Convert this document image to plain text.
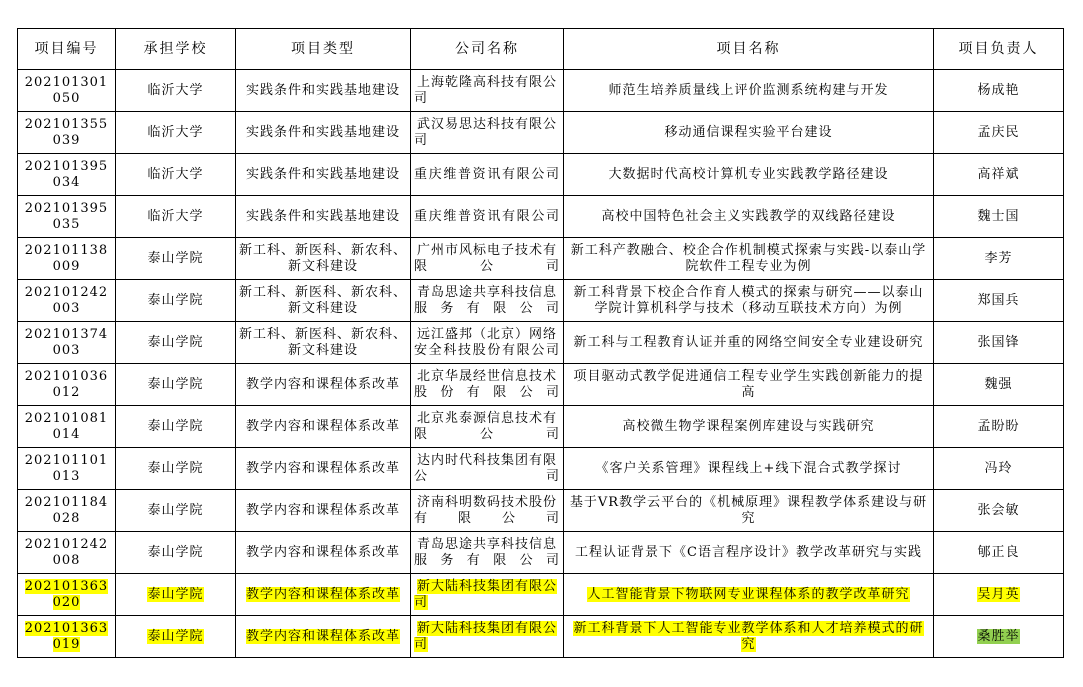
项目编号	承担学校	项目类型	公司名称	项目名称	项目负责人
202101301050	临沂大学	实践条件和实践基地建设	上海乾隆高科技有限公司	师范生培养质量线上评价监测系统构建与开发	杨成艳
202101355039	临沂大学	实践条件和实践基地建设	武汉易思达科技有限公司	移动通信课程实验平台建设	孟庆民
202101395034	临沂大学	实践条件和实践基地建设	重庆维普资讯有限公司	大数据时代高校计算机专业实践教学路径建设	高祥斌
202101395035	临沂大学	实践条件和实践基地建设	重庆维普资讯有限公司	高校中国特色社会主义实践教学的双线路径建设	魏士国
202101138009	泰山学院	新工科、新医科、新农科、新文科建设	广州市风标电子技术有限公司	新工科产教融合、校企合作机制模式探索与实践-以泰山学院软件工程专业为例	李芳
202101242003	泰山学院	新工科、新医科、新农科、新文科建设	青岛思途共享科技信息服务有限公司	新工科背景下校企合作育人模式的探索与研究——以泰山学院计算机科学与技术（移动互联技术方向）为例	郑国兵
202101374003	泰山学院	新工科、新医科、新农科、新文科建设	远江盛邦（北京）网络安全科技股份有限公司	新工科与工程教育认证并重的网络空间安全专业建设研究	张国锋
202101036012	泰山学院	教学内容和课程体系改革	北京华晟经世信息技术股份有限公司	项目驱动式教学促进通信工程专业学生实践创新能力的提高	魏强
202101081014	泰山学院	教学内容和课程体系改革	北京兆泰源信息技术有限公司	高校微生物学课程案例库建设与实践研究	孟盼盼
202101101013	泰山学院	教学内容和课程体系改革	达内时代科技集团有限公司	《客户关系管理》课程线上+线下混合式教学探讨	冯玲
202101184028	泰山学院	教学内容和课程体系改革	济南科明数码技术股份有限公司	基于VR教学云平台的《机械原理》课程教学体系建设与研究	张会敏
202101242008	泰山学院	教学内容和课程体系改革	青岛思途共享科技信息服务有限公司	工程认证背景下《C语言程序设计》教学改革研究与实践	郇正良
202101363020	泰山学院	教学内容和课程体系改革	新大陆科技集团有限公司	人工智能背景下物联网专业课程体系的教学改革研究	吴月英
202101363019	泰山学院	教学内容和课程体系改革	新大陆科技集团有限公司	新工科背景下人工智能专业教学体系和人才培养模式的研究	桑胜举
